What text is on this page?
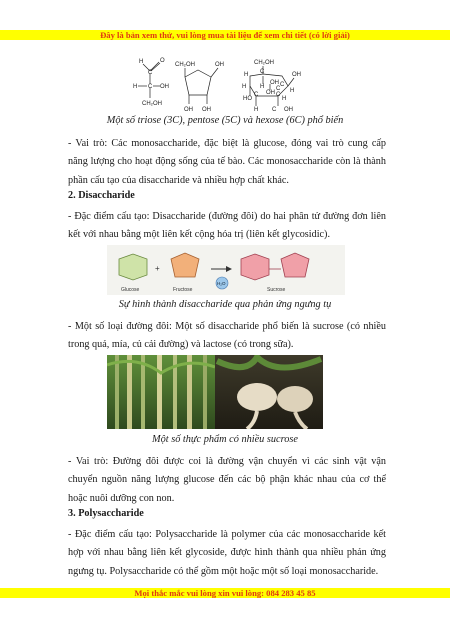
Đây là bản xem thử, vui lòng mua tài liệu để xem chi tiết (có lời giải)
H	O
C
H C OH
CH₂OH
CH₂OH	OH
OH OH
CH₂OH
C
H
H	C
OH
H
HO
C OH	H
C
H
OH
C
H C OH
Một số triose (3C), pentose (5C) và hexose (6C) phổ biến
- Vai trò: Các monosaccharide, đặc biệt là glucose, đóng vai trò cung cấp năng lượng cho hoạt động sống của tế bào. Các monosaccharide còn là thành phần cấu tạo của disaccharide và nhiều hợp chất khác.
2. Disaccharide
- Đặc điểm cấu tạo: Disaccharide (đường đôi) do hai phân tử đường đơn liên kết với nhau bằng một liên kết cộng hóa trị (liên kết glycosidic).
H₂O
+
Glucose	Fructose	Sucrose
Sự hình thành disaccharide qua phản ứng ngưng tụ
- Một số loại đường đôi: Một số disaccharide phổ biến là sucrose (có nhiều trong quả, mía, củ cải đường) và lactose (có trong sữa).
Một số thực phẩm có nhiều sucrose
- Vai trò: Đường đôi được coi là đường vận chuyển vì các sinh vật vận chuyển nguồn năng lượng glucose đến các bộ phận khác nhau của cơ thể hoặc nuôi dưỡng con non.
3. Polysaccharide
- Đặc điểm cấu tạo: Polysaccharide là polymer của các monosaccharide kết hợp với nhau bằng liên kết glycoside, được hình thành qua nhiều phản ứng ngưng tụ. Polysaccharide có thể gồm một hoặc một số loại monosaccharide.
Mọi thắc mắc vui lòng xin vui lòng: 084 283 45 85
